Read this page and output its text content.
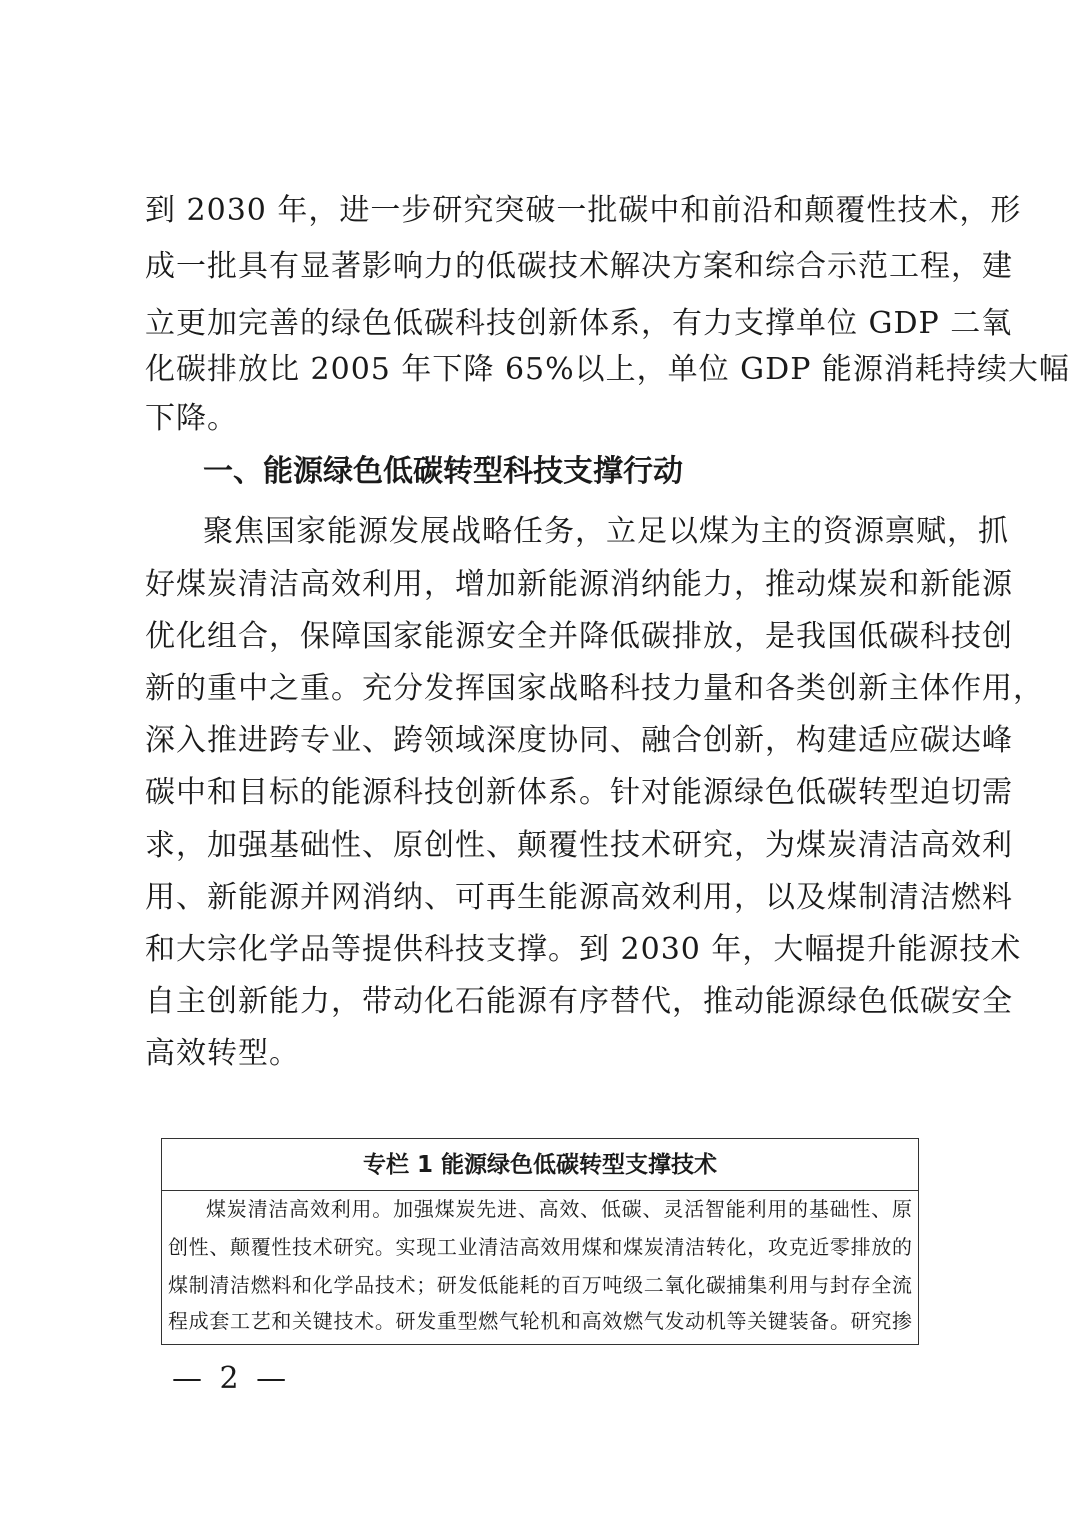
到 2030 年，进一步研究突破一批碳中和前沿和颠覆性技术，形
成一批具有显著影响力的低碳技术解决方案和综合示范工程，建
立更加完善的绿色低碳科技创新体系，有力支撑单位 GDP 二氧
化碳排放比 2005 年下降 65%以上，单位 GDP 能源消耗持续大幅
下降。
一、能源绿色低碳转型科技支撑行动
聚焦国家能源发展战略任务，立足以煤为主的资源禀赋，抓
好煤炭清洁高效利用，增加新能源消纳能力，推动煤炭和新能源
优化组合，保障国家能源安全并降低碳排放，是我国低碳科技创
新的重中之重。充分发挥国家战略科技力量和各类创新主体作用，
深入推进跨专业、跨领域深度协同、融合创新，构建适应碳达峰
碳中和目标的能源科技创新体系。针对能源绿色低碳转型迫切需
求，加强基础性、原创性、颠覆性技术研究，为煤炭清洁高效利
用、新能源并网消纳、可再生能源高效利用，以及煤制清洁燃料
和大宗化学品等提供科技支撑。到 2030 年，大幅提升能源技术
自主创新能力，带动化石能源有序替代，推动能源绿色低碳安全
高效转型。
专栏 1 能源绿色低碳转型支撑技术
煤炭清洁高效利用。加强煤炭先进、高效、低碳、灵活智能利用的基础性、原
创性、颠覆性技术研究。实现工业清洁高效用煤和煤炭清洁转化，攻克近零排放的
煤制清洁燃料和化学品技术；研发低能耗的百万吨级二氧化碳捕集利用与封存全流
程成套工艺和关键技术。研发重型燃气轮机和高效燃气发动机等关键装备。研究掺
— 2 —
